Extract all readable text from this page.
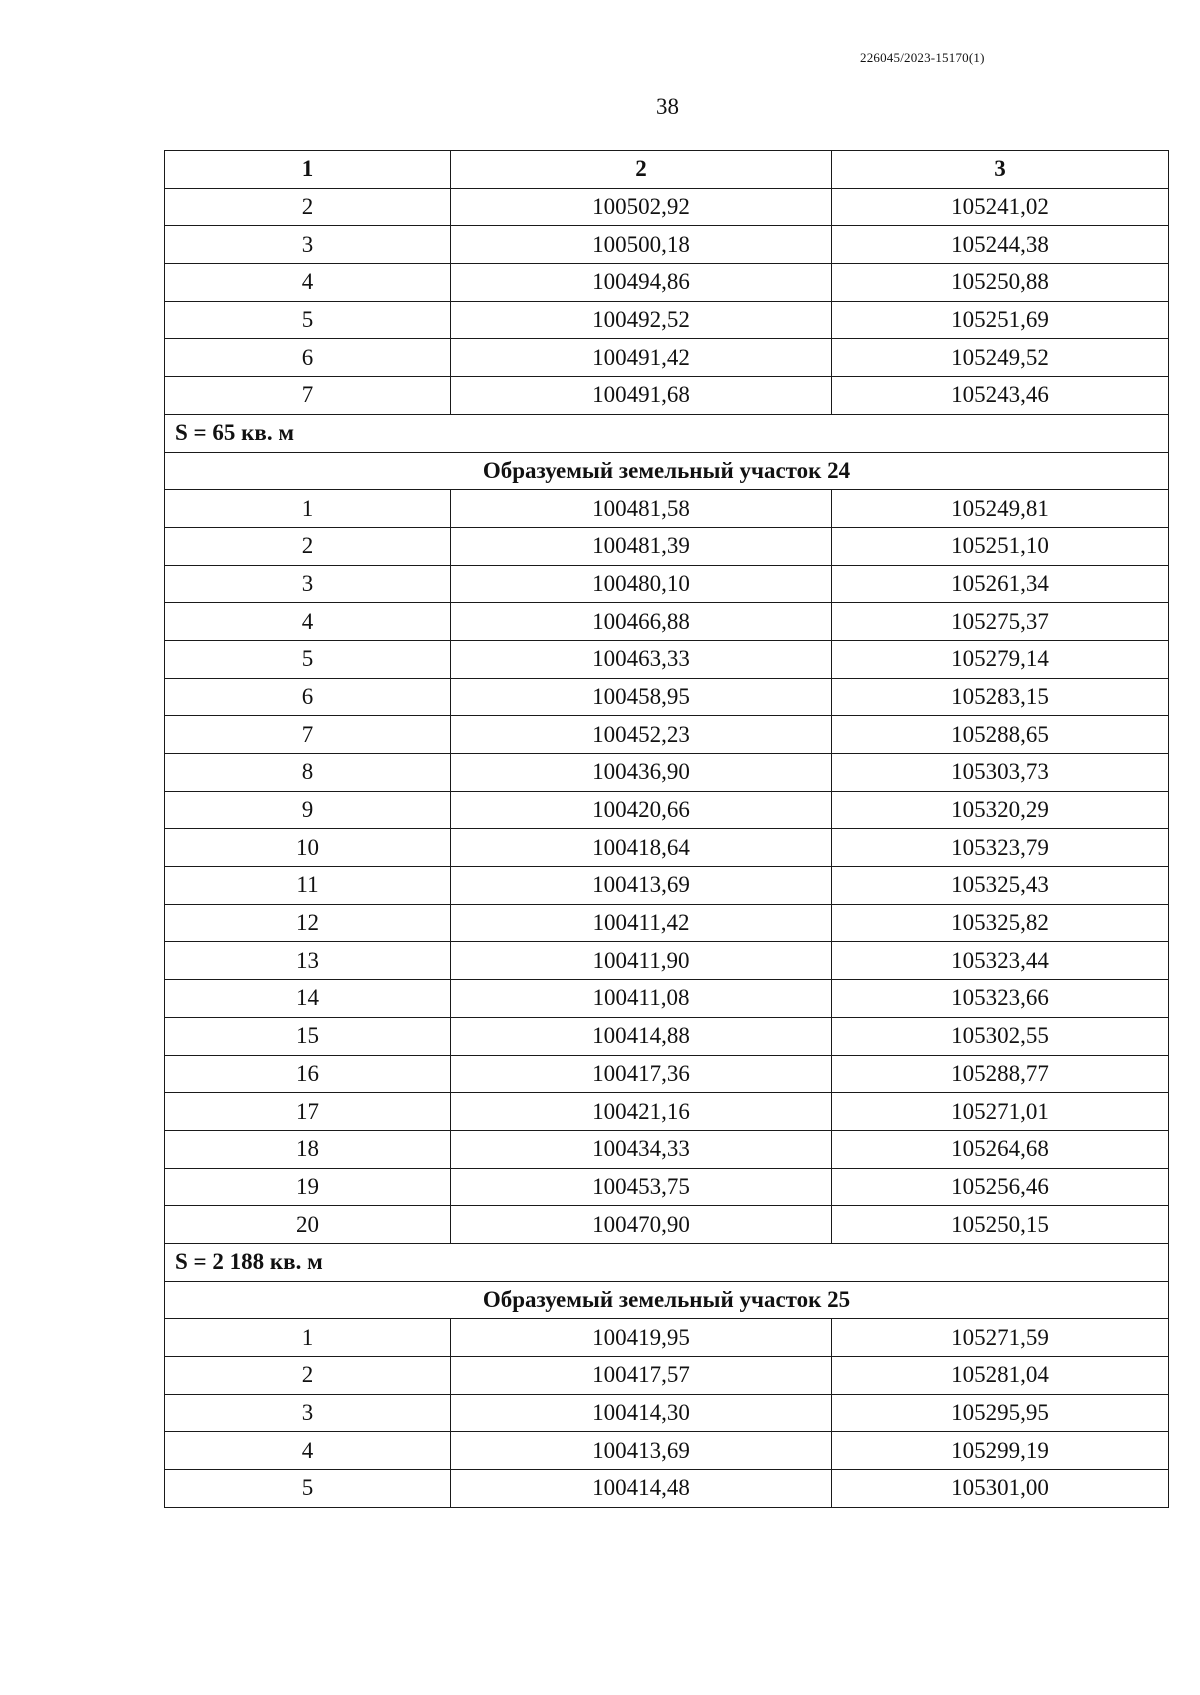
226045/2023-15170(1)
38
1	2	3
2	100502,92	105241,02
3	100500,18	105244,38
4	100494,86	105250,88
5	100492,52	105251,69
6	100491,42	105249,52
7	100491,68	105243,46
S = 65 кв. м		
Образуемый земельный участок 24		
1	100481,58	105249,81
2	100481,39	105251,10
3	100480,10	105261,34
4	100466,88	105275,37
5	100463,33	105279,14
6	100458,95	105283,15
7	100452,23	105288,65
8	100436,90	105303,73
9	100420,66	105320,29
10	100418,64	105323,79
11	100413,69	105325,43
12	100411,42	105325,82
13	100411,90	105323,44
14	100411,08	105323,66
15	100414,88	105302,55
16	100417,36	105288,77
17	100421,16	105271,01
18	100434,33	105264,68
19	100453,75	105256,46
20	100470,90	105250,15
S = 2 188 кв. м		
Образуемый земельный участок 25		
1	100419,95	105271,59
2	100417,57	105281,04
3	100414,30	105295,95
4	100413,69	105299,19
5	100414,48	105301,00
